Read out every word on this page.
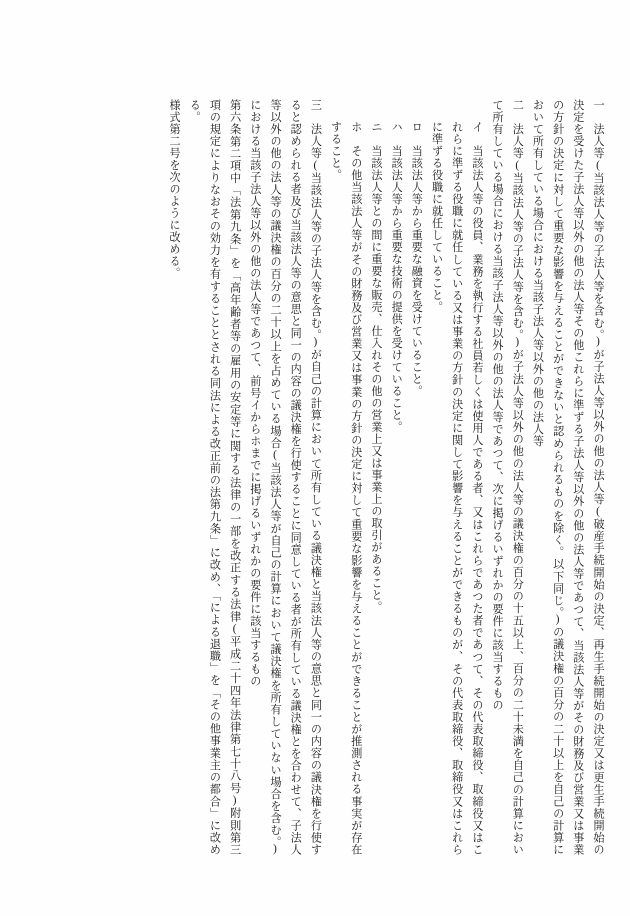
一　法人等(当該法人等の子法人等を含む。)が子法人等以外の他の法人等(破産手続開始の決定、再生手続開始の決定又は更生手続開始の決定を受けた子法人等以外の他の法人等その他これらに準ずる子法人等以外の他の法人等であつて、当該法人等がその財務及び営業又は事業の方針の決定に対して重要な影響を与えることができないと認められるものを除く。以下同じ。)の議決権の百分の二十以上を自己の計算において所有している場合における当該子法人等以外の他の法人等
二　法人等(当該法人等の子法人等を含む。)が子法人等以外の他の法人等の議決権の百分の十五以上、百分の二十未満を自己の計算において所有している場合における当該子法人等以外の他の法人等であつて、次に掲げるいずれかの要件に該当するもの
イ　当該法人等の役員、業務を執行する社員若しくは使用人である者、又はこれらであつた者であつて、その代表取締役、取締役又はこれらに準ずる役職に就任している又は事業の方針の決定に関して影響を与えることができるものが、その代表取締役、取締役又はこれらに準ずる役職に就任していること。
ロ　当該法人等から重要な融資を受けていること。
ハ　当該法人等から重要な技術の提供を受けていること。
ニ　当該法人等との間に重要な販売、仕入れその他の営業上又は事業上の取引があること。
ホ　その他当該法人等がその財務及び営業又は事業の方針の決定に対して重要な影響を与えることができることが推測される事実が存在すること。
三　法人等(当該法人等の子法人等を含む。)が自己の計算において所有している議決権と当該法人等の意思と同一の内容の議決権を行使すると認められる者及び当該法人等の意思と同一の内容の議決権を行使することに同意している者が所有している議決権とを合わせて、子法人等以外の他の法人等の議決権の百分の二十以上を占めている場合(当該法人等が自己の計算において議決権を所有していない場合を含む。)における当該子法人等以外の他の法人等であつて、前号イからホまでに掲げるいずれかの要件に該当するもの
第六条第二項中「法第九条」を「高年齢者等の雇用の安定等に関する法律の一部を改正する法律(平成二十四年法律第七十八号)附則第三項の規定によりなおその効力を有することとされる同法による改正前の法第九条」に改め、「による退職」を「その他事業主の都合」に改める。
様式第二号を次のように改める。
